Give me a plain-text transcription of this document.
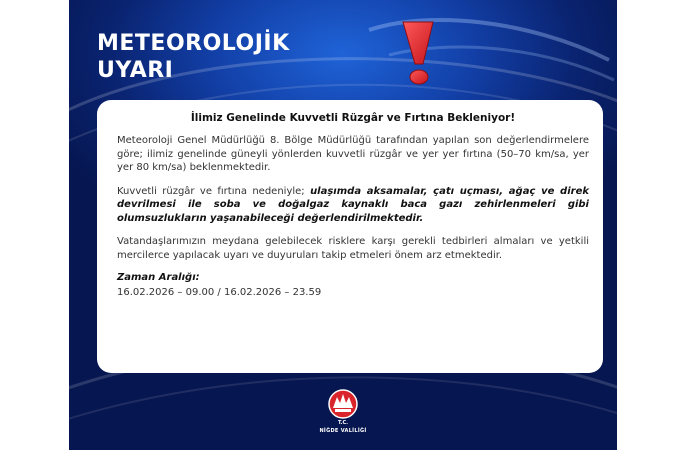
METEOROLOJİK
UYARI
İlimiz Genelinde Kuvvetli Rüzgâr ve Fırtına Bekleniyor!

Meteoroloji Genel Müdürlüğü 8. Bölge Müdürlüğü tarafından yapılan son değerlendirmelere göre; ilimiz genelinde güneyli yönlerden kuvvetli rüzgâr ve yer yer fırtına (50–70 km/sa, yer yer 80 km/sa) beklenmektedir.

Kuvvetli rüzgâr ve fırtına nedeniyle; ulaşımda aksamalar, çatı uçması, ağaç ve direk devrilmesi ile soba ve doğalgaz kaynaklı baca gazı zehirlenmeleri gibi olumsuzlukların yaşanabileceği değerlendirilmektedir.

Vatandaşlarımızın meydana gelebilecek risklere karşı gerekli tedbirleri almaları ve yetkili mercilerce yapılacak uyarı ve duyuruları takip etmeleri önem arz etmektedir.

Zaman Aralığı:
16.02.2026 – 09.00 / 16.02.2026 – 23.59
T.C.
NİĞDE VALİLİĞİ
